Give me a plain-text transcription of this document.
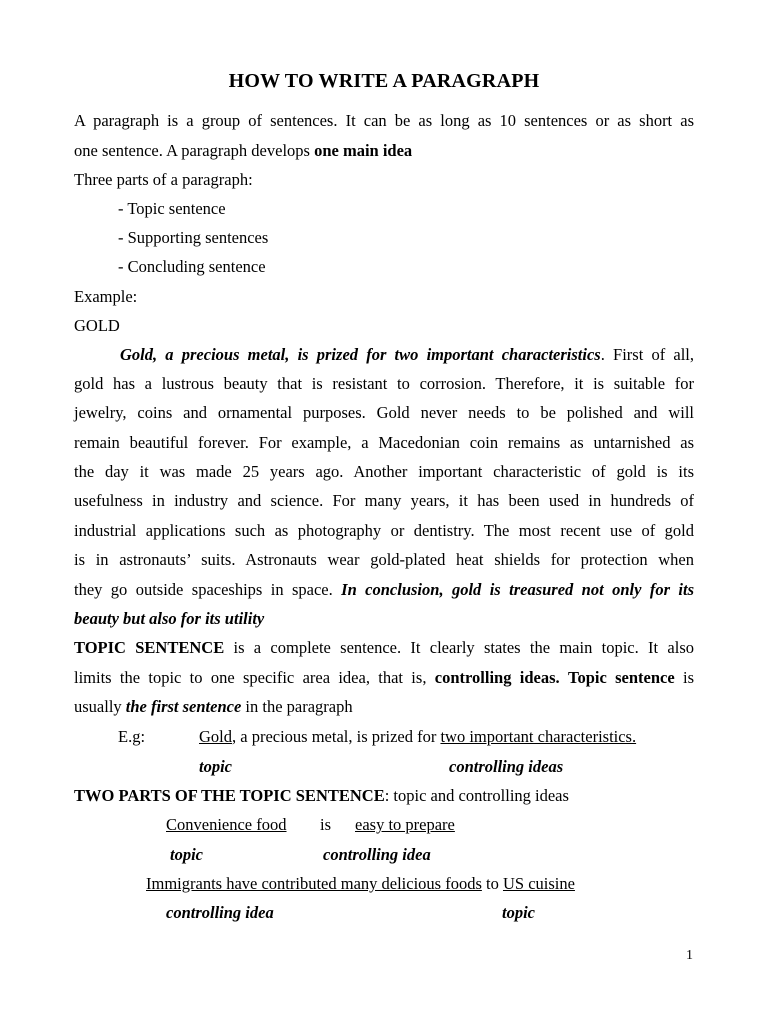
HOW TO WRITE A PARAGRAPH
A paragraph is a group of sentences. It can be as long as 10 sentences or as short as
one sentence. A paragraph develops one main idea
Three parts of a paragraph:
- Topic sentence
- Supporting sentences
- Concluding sentence
Example:
GOLD
Gold, a precious metal, is prized for two important characteristics. First of all,
gold has a lustrous beauty that is resistant to corrosion. Therefore, it is suitable for
jewelry, coins and ornamental purposes. Gold never needs to be polished and will
remain beautiful forever. For example, a Macedonian coin remains as untarnished as
the day it was made 25 years ago. Another important characteristic of gold is its
usefulness in industry and science. For many years, it has been used in hundreds of
industrial applications such as photography or dentistry. The most recent use of gold
is in astronauts’ suits. Astronauts wear gold-plated heat shields for protection when
they go outside spaceships in space. In conclusion, gold is treasured not only for its
beauty but also for its utility
TOPIC SENTENCE is a complete sentence. It clearly states the main topic. It also
limits the topic to one specific area idea, that is, controlling ideas. Topic sentence is
usually the first sentence in the paragraph
E.g:	Gold, a precious metal, is prized for two important characteristics.
topic	controlling ideas
TWO PARTS OF THE TOPIC SENTENCE: topic and controlling ideas
Convenience food is easy to prepare
topic	controlling idea
Immigrants have contributed many delicious foods to US cuisine
controlling idea	topic
1
